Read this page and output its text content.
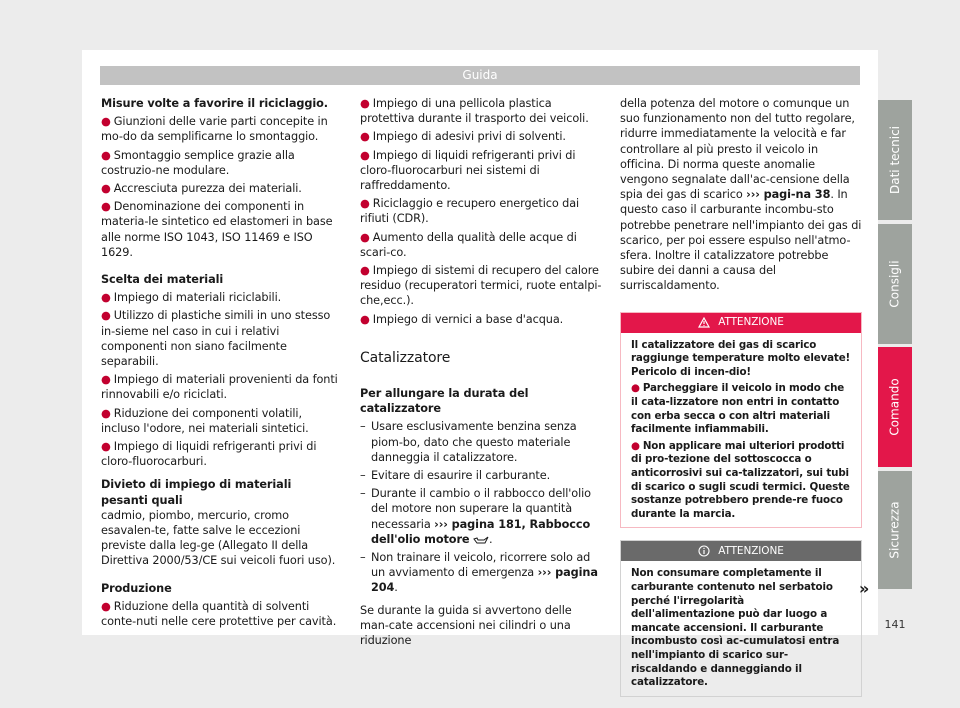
Guida
Misure volte a favorire il riciclaggio.
● Giunzioni delle varie parti concepite in mo-do da semplificarne lo smontaggio.
● Smontaggio semplice grazie alla costruzio-ne modulare.
● Accresciuta purezza dei materiali.
● Denominazione dei componenti in materia-le sintetico ed elastomeri in base alle norme ISO 1043, ISO 11469 e ISO 1629.
Scelta dei materiali
● Impiego di materiali riciclabili.
● Utilizzo di plastiche simili in uno stesso in-sieme nel caso in cui i relativi componenti non siano facilmente separabili.
● Impiego di materiali provenienti da fonti rinnovabili e/o riciclati.
● Riduzione dei componenti volatili, incluso l'odore, nei materiali sintetici.
● Impiego di liquidi refrigeranti privi di cloro-fluorocarburi.
Divieto di impiego di materiali pesanti quali
cadmio, piombo, mercurio, cromo esavalen-te, fatte salve le eccezioni previste dalla leg-ge (Allegato II della Direttiva 2000/53/CE sui veicoli fuori uso).
Produzione
● Riduzione della quantità di solventi conte-nuti nelle cere protettive per cavità.
● Impiego di una pellicola plastica protettiva durante il trasporto dei veicoli.
● Impiego di adesivi privi di solventi.
● Impiego di liquidi refrigeranti privi di cloro-fluorocarburi nei sistemi di raffreddamento.
● Riciclaggio e recupero energetico dai rifiuti (CDR).
● Aumento della qualità delle acque di scari-co.
● Impiego di sistemi di recupero del calore residuo (recuperatori termici, ruote entalpi-che,ecc.).
● Impiego di vernici a base d'acqua.
Catalizzatore
Per allungare la durata del catalizzatore
– Usare esclusivamente benzina senza piom-bo, dato che questo materiale danneggia il catalizzatore.
– Evitare di esaurire il carburante.
– Durante il cambio o il rabbocco dell'olio del motore non superare la quantità necessaria ››› pagina 181, Rabbocco dell'olio motore .
– Non trainare il veicolo, ricorrere solo ad un avviamento di emergenza ››› pagina 204.
Se durante la guida si avvertono delle man-cate accensioni nei cilindri o una riduzione
della potenza del motore o comunque un suo funzionamento non del tutto regolare, ridurre immediatamente la velocità e far controllare al più presto il veicolo in officina. Di norma queste anomalie vengono segnalate dall'ac-censione della spia dei gas di scarico ››› pagi-na 38. In questo caso il carburante incombu-sto potrebbe penetrare nell'impianto dei gas di scarico, per poi essere espulso nell'atmo-sfera. Inoltre il catalizzatore potrebbe subire dei danni a causa del surriscaldamento.
ATTENZIONE
Il catalizzatore dei gas di scarico raggiunge temperature molto elevate! Pericolo di incen-dio!
● Parcheggiare il veicolo in modo che il cata-lizzatore non entri in contatto con erba secca o con altri materiali facilmente infiammabili.
● Non applicare mai ulteriori prodotti di pro-tezione del sottoscocca o anticorrosivi sui ca-talizzatori, sui tubi di scarico o sugli scudi termici. Queste sostanze potrebbero prende-re fuoco durante la marcia.
ATTENZIONE
Non consumare completamente il carburante contenuto nel serbatoio perché l'irregolarità dell'alimentazione può dar luogo a mancate accensioni. Il carburante incombusto così ac-cumulatosi entra nell'impianto di scarico sur-riscaldando e danneggiando il catalizzatore.
»
Dati tecnici
Consigli
Comando
Sicurezza
141
